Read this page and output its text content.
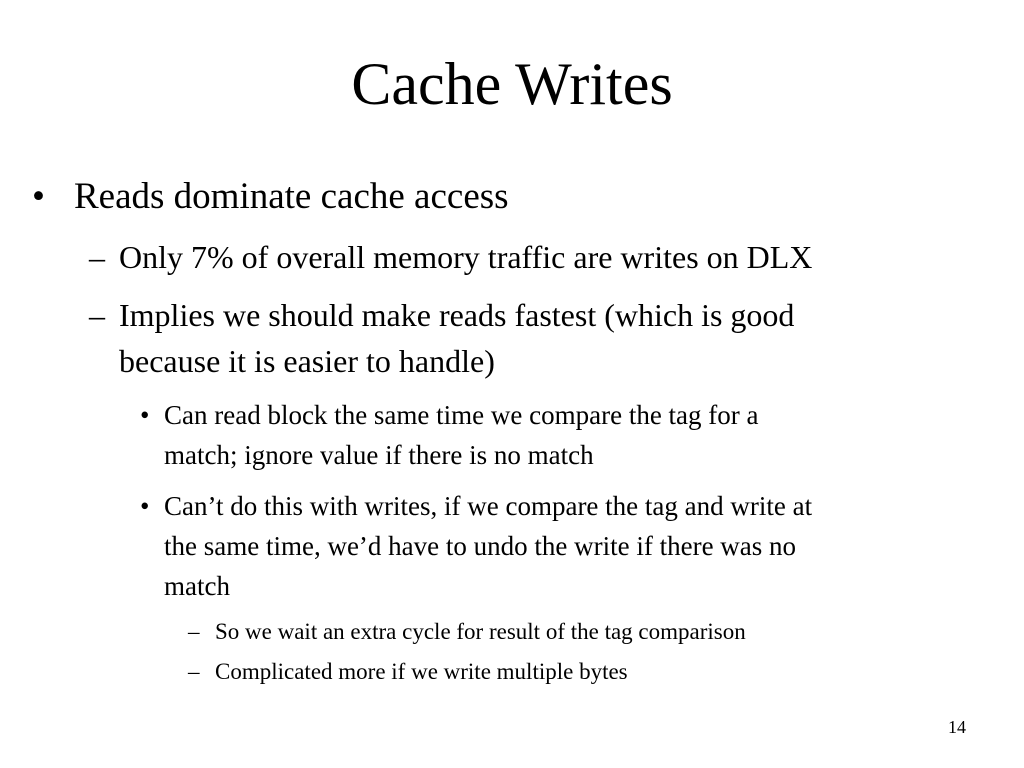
Cache Writes
• Reads dominate cache access
– Only 7% of overall memory traffic are writes on DLX
– Implies we should make reads fastest (which is good
because it is easier to handle)
• Can read block the same time we compare the tag for a
match; ignore value if there is no match
• Can’t do this with writes, if we compare the tag and write at
the same time, we’d have to undo the write if there was no
match
– So we wait an extra cycle for result of the tag comparison
– Complicated more if we write multiple bytes
14
